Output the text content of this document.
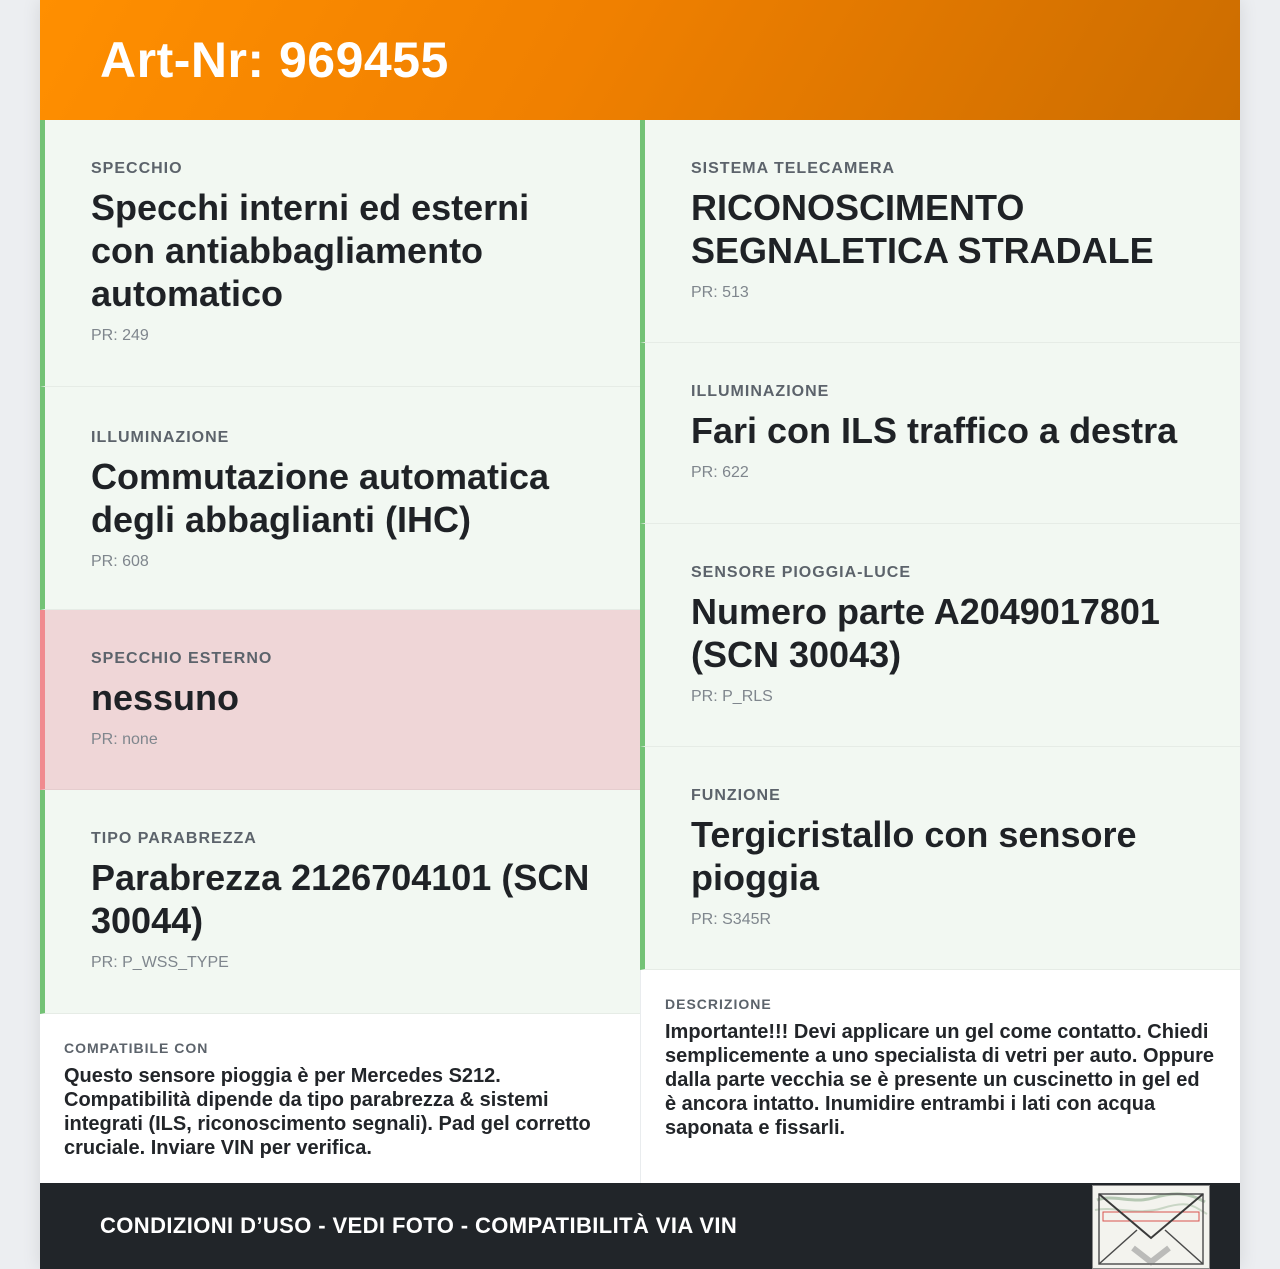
Art-Nr: 969455
SPECCHIO

Specchi interni ed esterni con antiabbagliamento automatico

PR: 249
ILLUMINAZIONE

Commutazione automatica degli abbaglianti (IHC)

PR: 608
SPECCHIO ESTERNO

nessuno

PR: none
TIPO PARABREZZA

Parabrezza 2126704101 (SCN 30044)

PR: P_WSS_TYPE
COMPATIBILE CON
Questo sensore pioggia è per Mercedes S212. Compatibilità dipende da tipo parabrezza & sistemi integrati (ILS, riconoscimento segnali). Pad gel corretto cruciale. Inviare VIN per verifica.
SISTEMA TELECAMERA

RICONOSCIMENTO SEGNALETICA STRADALE

PR: 513
ILLUMINAZIONE

Fari con ILS traffico a destra

PR: 622
SENSORE PIOGGIA-LUCE

Numero parte A2049017801 (SCN 30043)

PR: P_RLS
FUNZIONE

Tergicristallo con sensore pioggia

PR: S345R
DESCRIZIONE
Importante!!! Devi applicare un gel come contatto. Chiedi semplicemente a uno specialista di vetri per auto. Oppure dalla parte vecchia se è presente un cuscinetto in gel ed è ancora intatto. Inumidire entrambi i lati con acqua saponata e fissarli.
CONDIZIONI D’USO - VEDI FOTO - COMPATIBILITÀ VIA VIN
